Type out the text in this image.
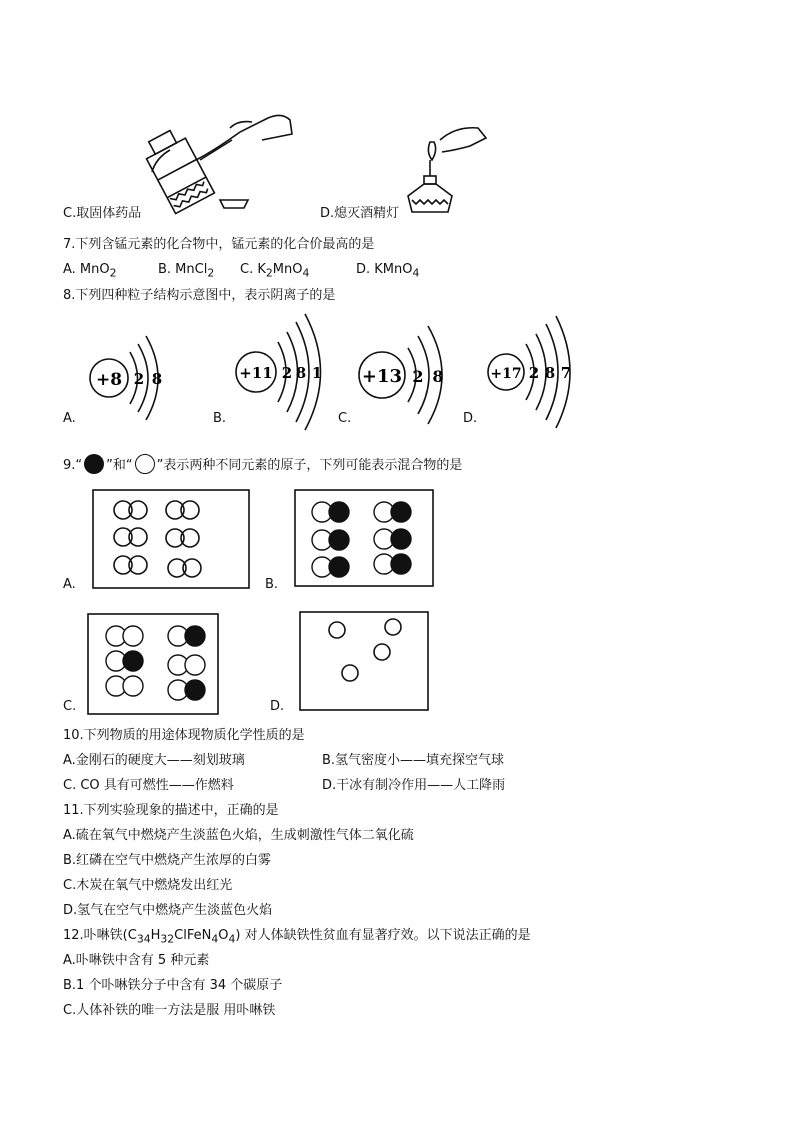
C.取固体药品	D.熄灭酒精灯
7.下列含锰元素的化合物中，锰元素的化合价最高的是
A. MnO$_2$	B. MnCl$_2$ C. $K_2MnO_4$	D. KMnO$_4$
8.下列四种粒子结构示意图中，表示阴离子的是
+8 2 8	+11 2 8 1 +13 2 8	+17 2 8 7
A.	B.	C.	D.
9.“ ”和“ ”表示两种不同元素的原子，下列可能表示混合物的是
A.	B.
C.	D.
10.下列物质的用途体现物质化学性质的是
A.金刚石的硬度大——刻划玻璃	B.氢气密度小——填充探空气球
C. CO 具有可燃性——作燃料	D.干冰有制冷作用——人工降雨
11.下列实验现象的描述中，正确的是
A.硫在氧气中燃烧产生淡蓝色火焰，生成刺激性气体二氧化硫
B.红磷在空气中燃烧产生浓厚的白雾
C.木炭在氧气中燃烧发出红光
D.氢气在空气中燃烧产生淡蓝色火焰
12.卟啉铁$(C_{34}H_{32}ClFeN_4O_4)$ 对人体缺铁性贫血有显著疗效。以下说法正确的是
A.卟啉铁中含有 5 种元素
B.1 个卟啉铁分子中含有 34 个碳原子
C.人体补铁的唯一方法是服 用卟啉铁
